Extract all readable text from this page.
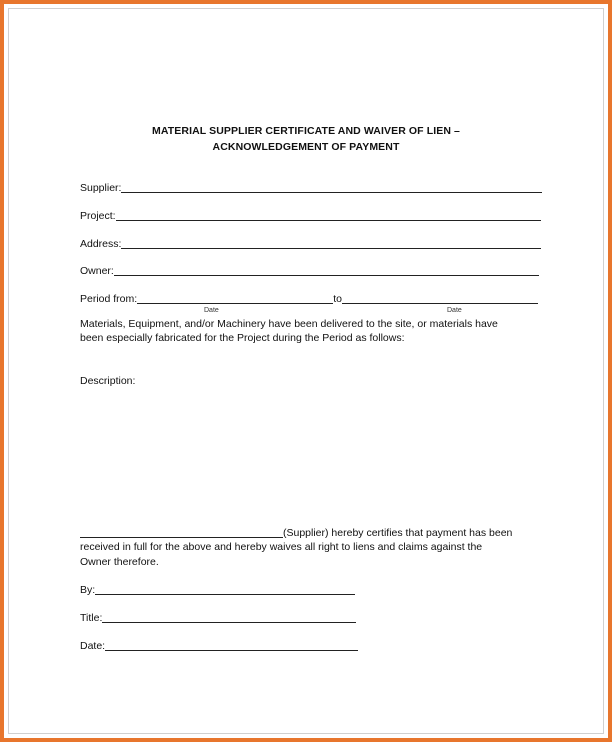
MATERIAL SUPPLIER CERTIFICATE AND WAIVER OF LIEN –
ACKNOWLEDGEMENT OF PAYMENT
Supplier:
Project:
Address:
Owner:
Period from:	to
Date	Date
Materials, Equipment, and/or Machinery have been delivered to the site, or materials have
been especially fabricated for the Project during the Period as follows:
Description:
(Supplier) hereby certifies that payment has been
received in full for the above and hereby waives all right to liens and claims against the
Owner therefore.
By:
Title:
Date:
